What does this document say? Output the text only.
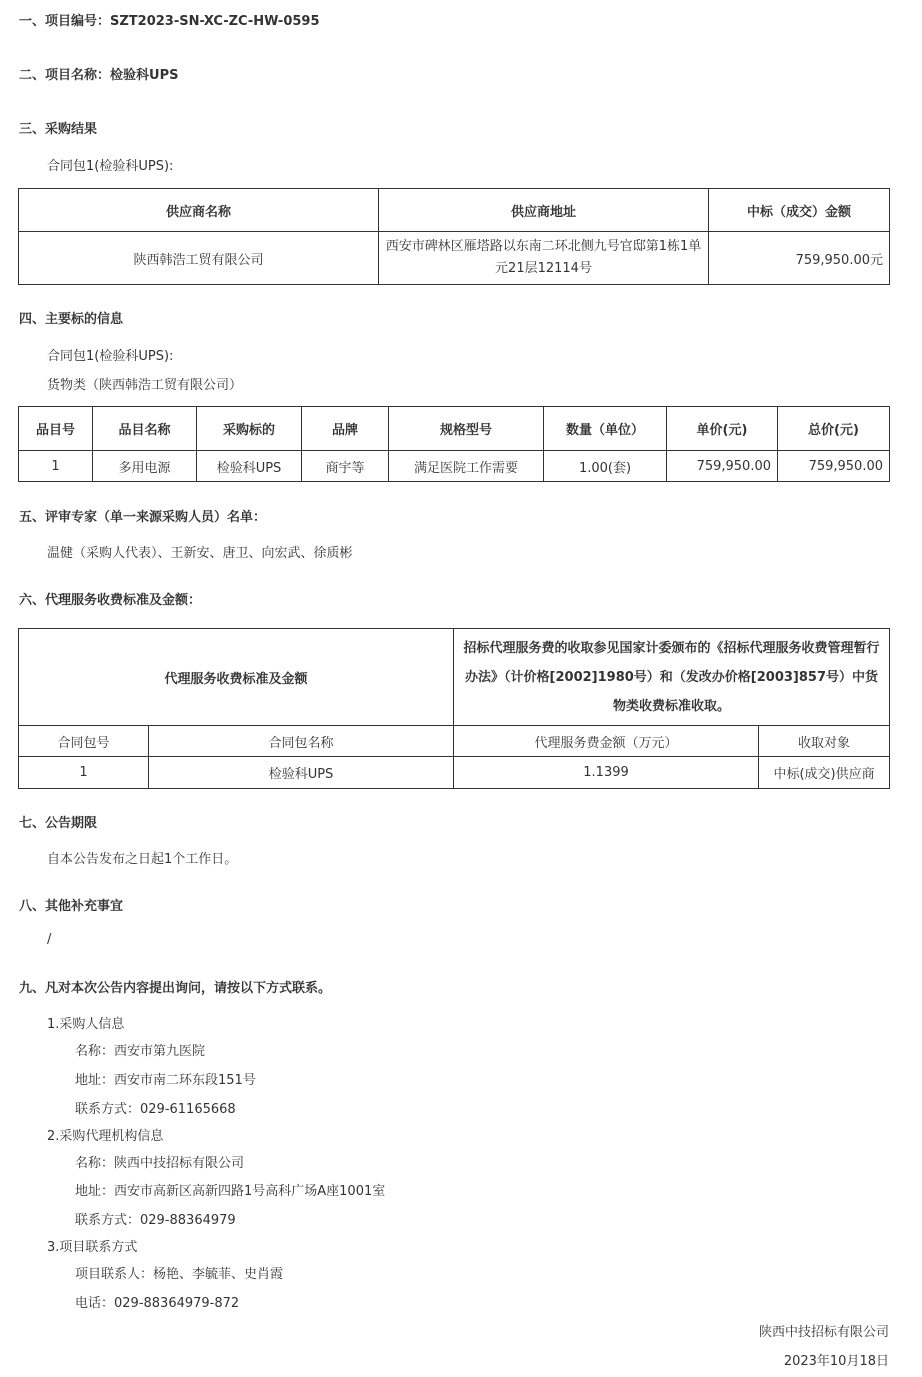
一、项目编号：SZT2023-SN-XC-ZC-HW-0595
二、项目名称：检验科UPS
三、采购结果
合同包1(检验科UPS):
供应商名称	供应商地址	中标（成交）金额
陕西韩浩工贸有限公司	西安市碑林区雁塔路以东南二环北侧九号官邸第1栋1单元21层12114号	759,950.00元
四、主要标的信息
合同包1(检验科UPS):
货物类（陕西韩浩工贸有限公司）
品目号	品目名称	采购标的	品牌	规格型号	数量（单位）	单价(元)	总价(元)
1	多用电源	检验科UPS	商宇等	满足医院工作需要	1.00(套)	759,950.00	759,950.00
五、评审专家（单一来源采购人员）名单：
温健（采购人代表）、王新安、唐卫、向宏武、徐质彬
六、代理服务收费标准及金额：
代理服务收费标准及金额		招标代理服务费的收取参见国家计委颁布的《招标代理服务收费管理暂行办法》（计价格[2002]1980号）和（发改办价格[2003]857号）中货物类收费标准收取。	
合同包号	合同包名称	代理服务费金额（万元）	收取对象
1	检验科UPS	1.1399	中标(成交)供应商
七、公告期限
自本公告发布之日起1个工作日。
八、其他补充事宜
/
九、凡对本次公告内容提出询问，请按以下方式联系。
1.采购人信息
名称：西安市第九医院
地址：西安市南二环东段151号
联系方式：029-61165668
2.采购代理机构信息
名称：陕西中技招标有限公司
地址：西安市高新区高新四路1号高科广场A座1001室
联系方式：029-88364979
3.项目联系方式
项目联系人：杨艳、李毓菲、史肖霞
电话：029-88364979-872
陕西中技招标有限公司
2023年10月18日
